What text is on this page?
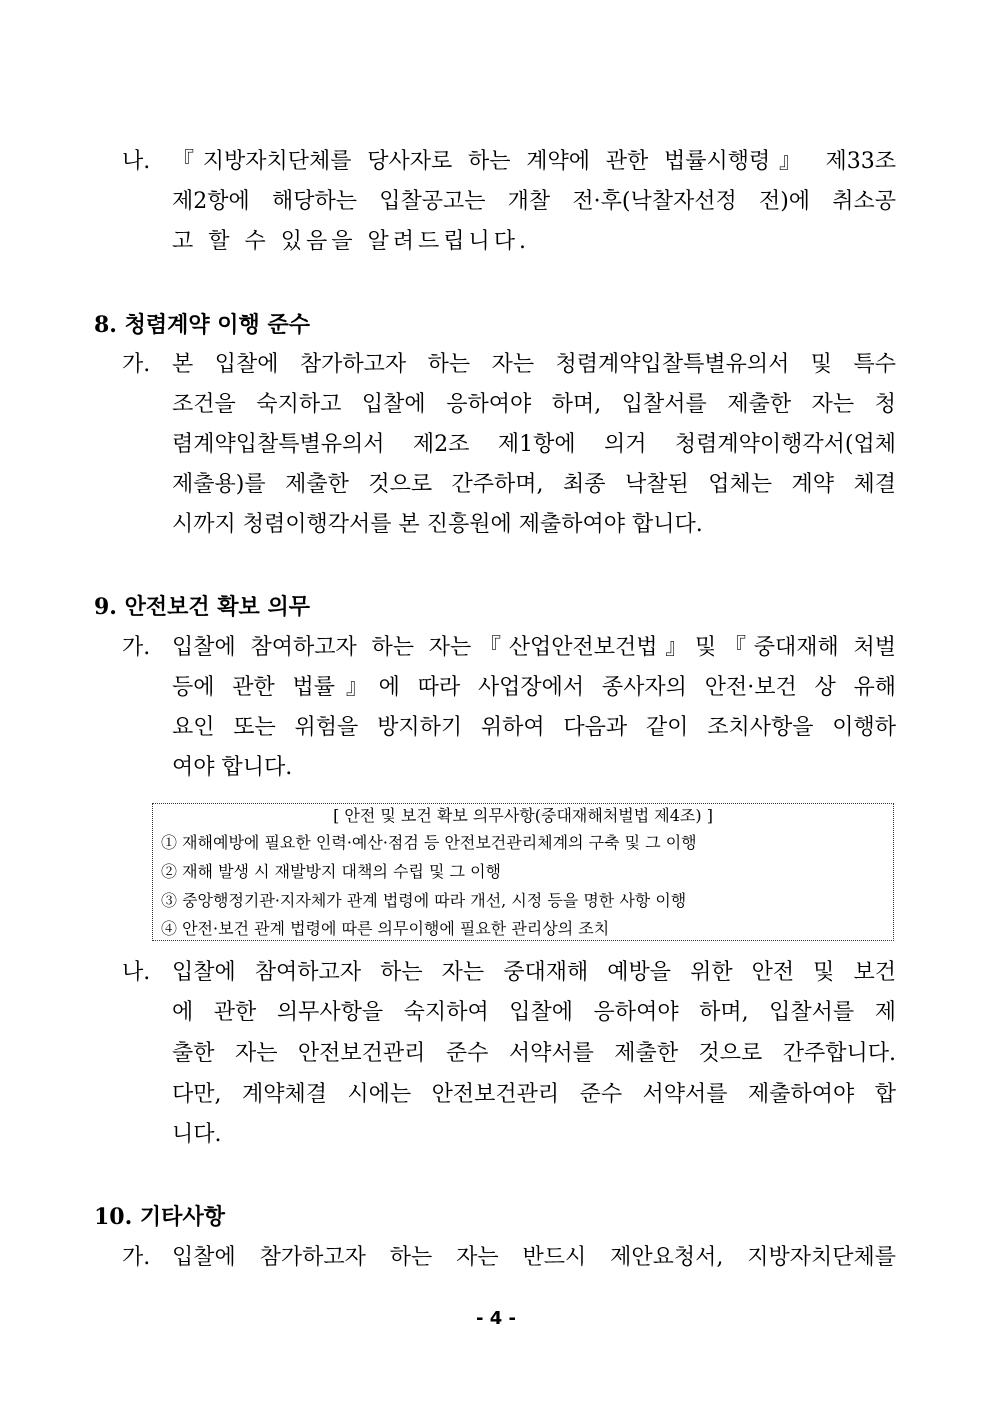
나. 『지방자치단체를 당사자로 하는 계약에 관한 법률시행령』 제33조
제2항에 해당하는 입찰공고는 개찰 전·후(낙찰자선정 전)에 취소공
고 할 수 있음을 알려드립니다.
8. 청렴계약 이행 준수
가. 본 입찰에 참가하고자 하는 자는 청렴계약입찰특별유의서 및 특수
조건을 숙지하고 입찰에 응하여야 하며, 입찰서를 제출한 자는 청
렴계약입찰특별유의서 제2조 제1항에 의거 청렴계약이행각서(업체
제출용)를 제출한 것으로 간주하며, 최종 낙찰된 업체는 계약 체결
시까지 청렴이행각서를 본 진흥원에 제출하여야 합니다.
9. 안전보건 확보 의무
가. 입찰에 참여하고자 하는 자는『산업안전보건법』및『중대재해 처벌
등에 관한 법률』에 따라 사업장에서 종사자의 안전·보건 상 유해
요인 또는 위험을 방지하기 위하여 다음과 같이 조치사항을 이행하
여야 합니다.
[ 안전 및 보건 확보 의무사항(중대재해처벌법 제4조) ]
① 재해예방에 필요한 인력·예산·점검 등 안전보건관리체계의 구축 및 그 이행
② 재해 발생 시 재발방지 대책의 수립 및 그 이행
③ 중앙행정기관·지자체가 관계 법령에 따라 개선, 시정 등을 명한 사항 이행
④ 안전·보건 관계 법령에 따른 의무이행에 필요한 관리상의 조치
나. 입찰에 참여하고자 하는 자는 중대재해 예방을 위한 안전 및 보건
에 관한 의무사항을 숙지하여 입찰에 응하여야 하며, 입찰서를 제
출한 자는 안전보건관리 준수 서약서를 제출한 것으로 간주합니다.
다만, 계약체결 시에는 안전보건관리 준수 서약서를 제출하여야 합
니다.
10. 기타사항
가. 입찰에 참가하고자 하는 자는 반드시 제안요청서, 지방자치단체를
- 4 -
